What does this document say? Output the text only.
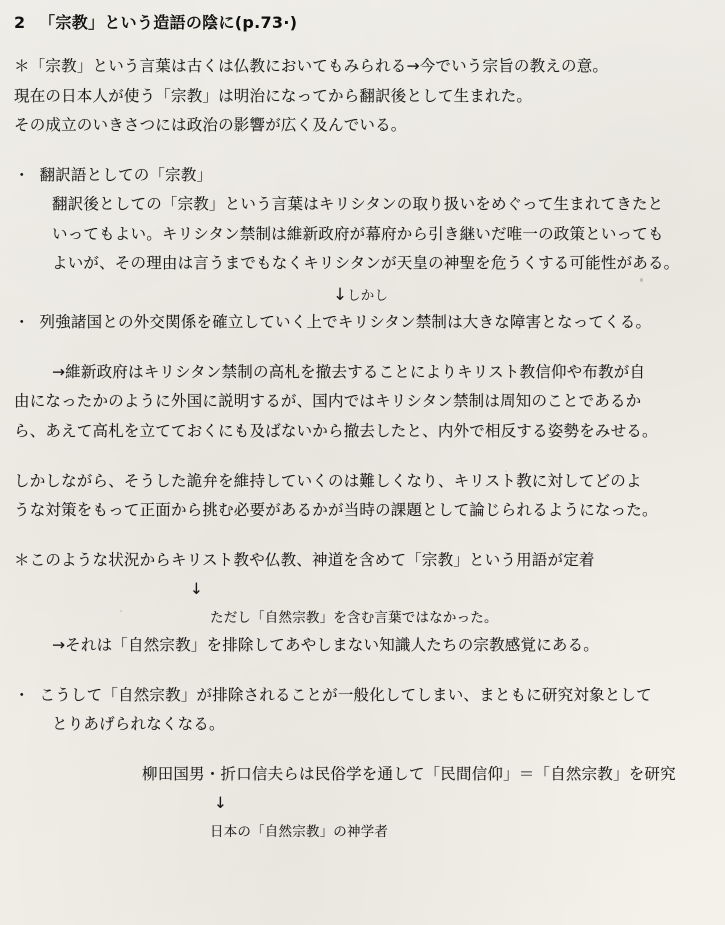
2 「宗教」という造語の陰に(p.73·)
＊「宗教」という言葉は古くは仏教においてもみられる→今でいう宗旨の教えの意。
現在の日本人が使う「宗教」は明治になってから翻訳後として生まれた。
その成立のいきさつには政治の影響が広く及んでいる。
・ 翻訳語としての「宗教」
翻訳後としての「宗教」という言葉はキリシタンの取り扱いをめぐって生まれてきたと
いってもよい。キリシタン禁制は維新政府が幕府から引き継いだ唯一の政策といっても
よいが、その理由は言うまでもなくキリシタンが天皇の神聖を危うくする可能性がある。
↓しかし
・ 列強諸国との外交関係を確立していく上でキリシタン禁制は大きな障害となってくる。
→維新政府はキリシタン禁制の高札を撤去することによりキリスト教信仰や布教が自
由になったかのように外国に説明するが、国内ではキリシタン禁制は周知のことであるか
ら、あえて高札を立てておくにも及ばないから撤去したと、内外で相反する姿勢をみせる。
しかしながら、そうした詭弁を維持していくのは難しくなり、キリスト教に対してどのよ
うな対策をもって正面から挑む必要があるかが当時の課題として論じられるようになった。
＊このような状況からキリスト教や仏教、神道を含めて「宗教」という用語が定着
↓
ただし「自然宗教」を含む言葉ではなかった。
→それは「自然宗教」を排除してあやしまない知識人たちの宗教感覚にある。
・ こうして「自然宗教」が排除されることが一般化してしまい、まともに研究対象として
とりあげられなくなる。
柳田国男・折口信夫らは民俗学を通して「民間信仰」＝「自然宗教」を研究
↓
日本の「自然宗教」の神学者
